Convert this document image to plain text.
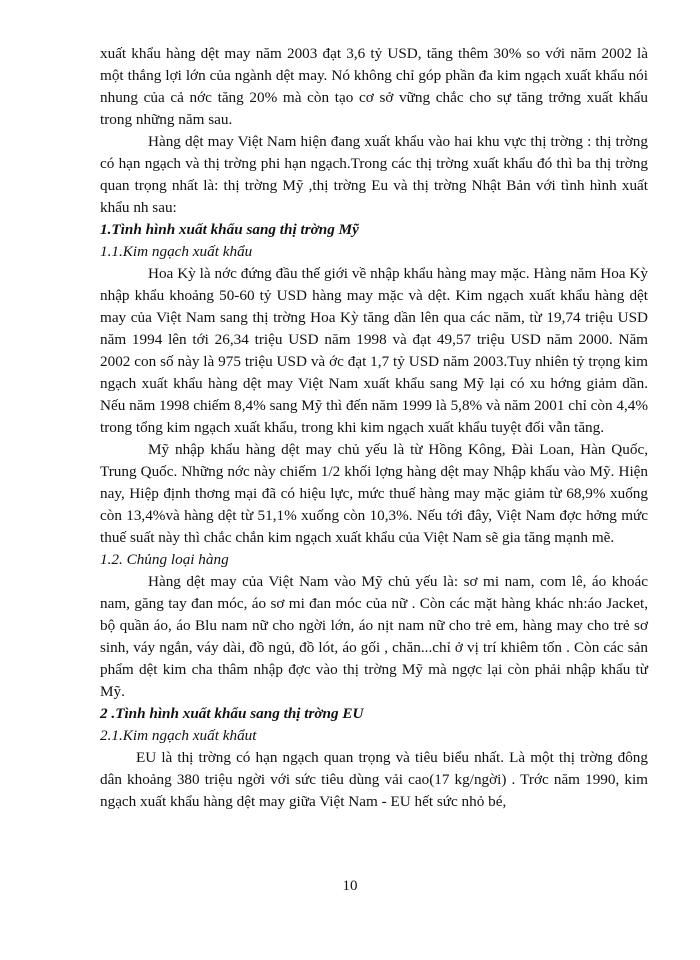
xuất khẩu hàng dệt may năm 2003 đạt 3,6 tỷ USD, tăng thêm 30% so với năm 2002 là một thắng lợi lớn của ngành dệt may. Nó không chỉ góp phần đa kim ngạch xuất khẩu nói nhung của cả nớc tăng 20% mà còn tạo cơ sở vững chắc cho sự tăng trởng xuất khẩu trong những năm sau.

Hàng dệt may Việt Nam hiện đang xuất khẩu vào hai khu vực thị trờng : thị trờng có hạn ngạch và thị trờng phi hạn ngạch.Trong các thị trờng xuất khẩu đó thì ba thị trờng quan trọng nhất là: thị trờng Mỹ ,thị trờng Eu và thị trờng Nhật Bản với tình hình xuất khẩu nh sau:

1.Tình hình xuất khẩu sang thị trờng Mỹ

1.1.Kim ngạch xuất khẩu

Hoa Kỳ là nớc đứng đầu thế giới về nhập khẩu hàng may mặc. Hàng năm Hoa Kỳ nhập khẩu khoảng 50-60 tỷ USD hàng may mặc và dệt. Kim ngạch xuất khẩu hàng dệt may của Việt Nam sang thị trờng Hoa Kỳ tăng dần lên qua các năm, từ 19,74 triệu USD năm 1994 lên tới 26,34 triệu USD năm 1998 và đạt 49,57 triệu USD năm 2000. Năm 2002 con số này là 975 triệu USD và ớc đạt 1,7 tỷ USD năm 2003.Tuy nhiên tỷ trọng kim ngạch xuất khẩu hàng dệt may Việt Nam xuất khẩu sang Mỹ lại có xu hớng giảm dần. Nếu năm 1998 chiếm 8,4% sang Mỹ thì đến năm 1999 là 5,8% và năm 2001 chỉ còn 4,4% trong tổng kim ngạch xuất khẩu, trong khi kim ngạch xuất khẩu tuyệt đối vẫn tăng.

Mỹ nhập khẩu hàng dệt may chủ yếu là từ Hồng Kông, Đài Loan, Hàn Quốc, Trung Quốc. Những nớc này chiếm 1/2 khối lợng hàng dệt may Nhập khẩu vào Mỹ. Hiện nay, Hiệp định thơng mại đã có hiệu lực, mức thuế hàng may mặc giảm từ 68,9% xuống còn 13,4%và hàng dệt từ 51,1% xuống còn 10,3%. Nếu tới đây, Việt Nam đợc hởng mức thuế suất này thì chắc chắn kim ngạch xuất khẩu của Việt Nam sẽ gia tăng mạnh mẽ.

1.2. Chủng loại hàng

Hàng dệt may của Việt Nam vào Mỹ chủ yếu là: sơ mi nam, com lê, áo khoác nam, găng tay đan móc, áo sơ mi đan móc của nữ . Còn các mặt hàng khác nh:áo Jacket, bộ quần áo, áo Blu nam nữ cho ngời lớn, áo nịt nam nữ cho trẻ em, hàng may cho trẻ sơ sinh, váy ngắn, váy dài, đồ ngủ, đồ lót, áo gối , chăn...chỉ ở vị trí khiêm tốn . Còn các sản phẩm dệt kim cha thâm nhập đợc vào thị trờng Mỹ mà ngợc lại còn phải nhập khẩu từ Mỹ.

2 .Tình hình xuất khẩu sang thị trờng EU

2.1.Kim ngạch xuất khẩut

EU là thị trờng có hạn ngạch quan trọng và tiêu biểu nhất. Là một thị trờng đông dân khoảng 380 triệu ngời với sức tiêu dùng vải cao(17 kg/ngời) . Trớc năm 1990, kim ngạch xuất khẩu hàng dệt may giữa Việt Nam - EU hết sức nhỏ bé,

10
